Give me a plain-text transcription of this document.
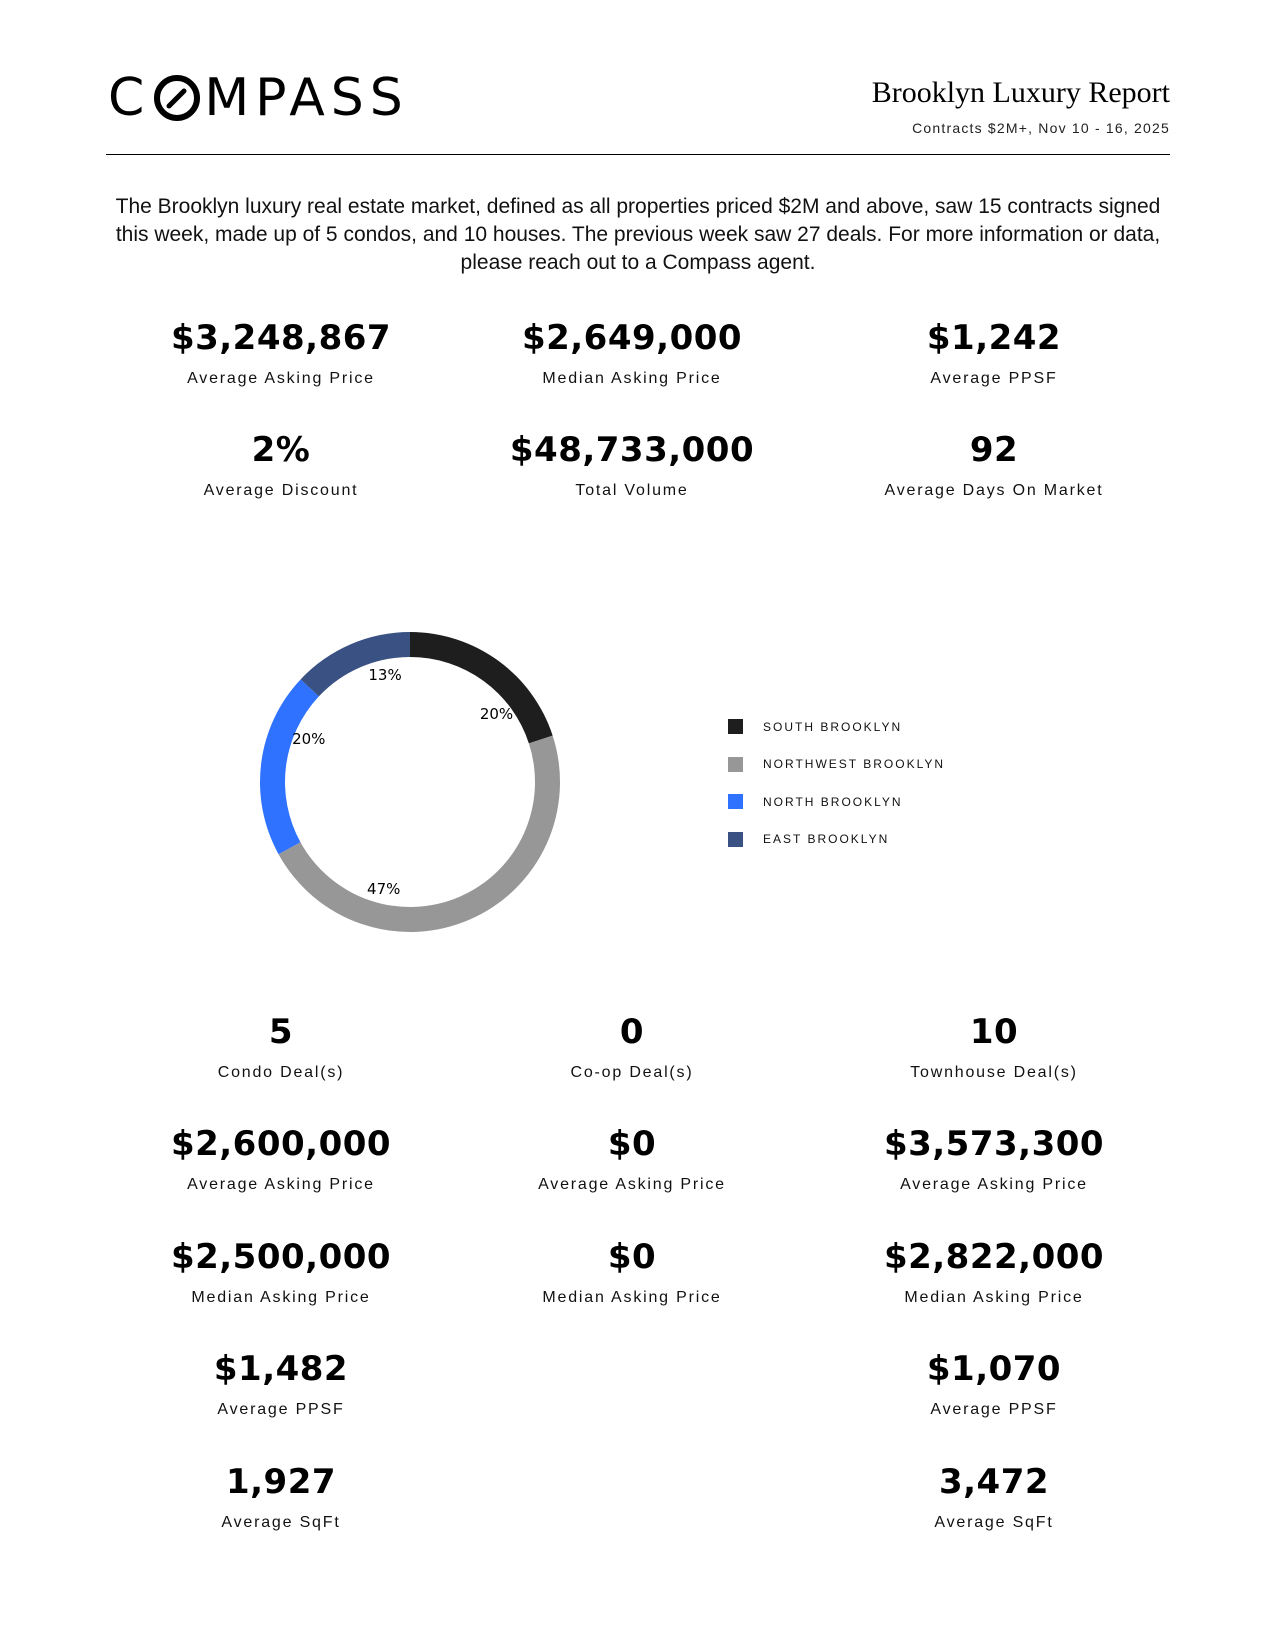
C MPASS	Brooklyn Luxury Report
Contracts $2M+, Nov 10 - 16, 2025
The Brooklyn luxury real estate market, defined as all properties priced $2M and above, saw 15 contracts signed this week, made up of 5 condos, and 10 houses. The previous week saw 27 deals. For more information or data, please reach out to a Compass agent.
$3,248,867
Average Asking Price
$2,649,000
Median Asking Price
$1,242
Average PPSF
2%
Average Discount
$48,733,000
Total Volume
92
Average Days On Market
20%
47%
20%
13%
SOUTH BROOKLYN
NORTHWEST BROOKLYN
NORTH BROOKLYN
EAST BROOKLYN
5
Condo Deal(s)
0
Co-op Deal(s)
10
Townhouse Deal(s)
$2,600,000
Average Asking Price
$0
Average Asking Price
$3,573,300
Average Asking Price
$2,500,000
Median Asking Price
$0
Median Asking Price
$2,822,000
Median Asking Price
$1,482
Average PPSF
$1,070
Average PPSF
1,927
Average SqFt
3,472
Average SqFt
